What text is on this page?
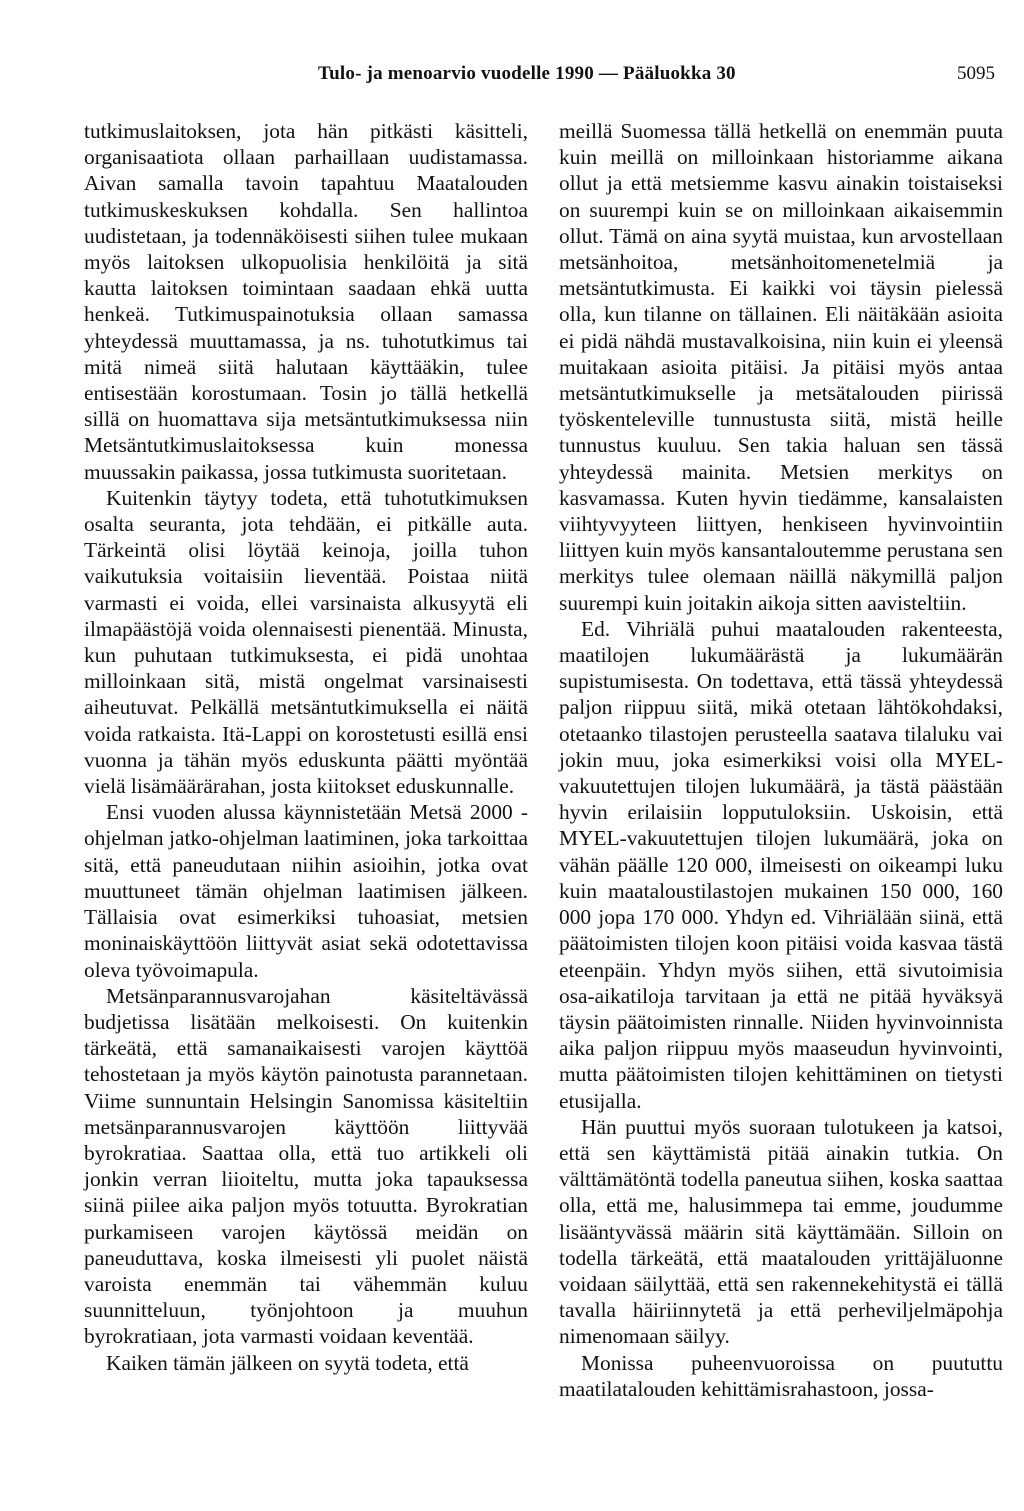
Tulo- ja menoarvio vuodelle 1990 — Pääluokka 30	5095

tutkimuslaitoksen, jota hän pitkästi käsitteli, organisaatiota ollaan parhaillaan uudistamassa. Aivan samalla tavoin tapahtuu Maatalouden tutkimuskeskuksen kohdalla. Sen hallintoa uudistetaan, ja todennäköisesti siihen tulee mukaan myös laitoksen ulkopuolisia henkilöitä ja sitä kautta laitoksen toimintaan saadaan ehkä uutta henkeä. Tutkimuspainotuksia ollaan samassa yhteydessä muuttamassa, ja ns. tuhotutkimus tai mitä nimeä siitä halutaan käyttääkin, tulee entisestään korostumaan. Tosin jo tällä hetkellä sillä on huomattava sija metsäntutkimuksessa niin Metsäntutkimuslaitoksessa kuin monessa muussakin paikassa, jossa tutkimusta suoritetaan.

Kuitenkin täytyy todeta, että tuhotutkimuksen osalta seuranta, jota tehdään, ei pitkälle auta. Tärkeintä olisi löytää keinoja, joilla tuhon vaikutuksia voitaisiin lieventää. Poistaa niitä varmasti ei voida, ellei varsinaista alkusyytä eli ilmapäästöjä voida olennaisesti pienentää. Minusta, kun puhutaan tutkimuksesta, ei pidä unohtaa milloinkaan sitä, mistä ongelmat varsinaisesti aiheutuvat. Pelkällä metsäntutkimuksella ei näitä voida ratkaista. Itä-Lappi on korostetusti esillä ensi vuonna ja tähän myös eduskunta päätti myöntää vielä lisämäärärahan, josta kiitokset eduskunnalle.

Ensi vuoden alussa käynnistetään Metsä 2000 -ohjelman jatko-ohjelman laatiminen, joka tarkoittaa sitä, että paneudutaan niihin asioihin, jotka ovat muuttuneet tämän ohjelman laatimisen jälkeen. Tällaisia ovat esimerkiksi tuhoasiat, metsien moninaiskäyttöön liittyvät asiat sekä odotettavissa oleva työvoimapula.

Metsänparannusvarojahan käsiteltävässä budjetissa lisätään melkoisesti. On kuitenkin tärkeätä, että samanaikaisesti varojen käyttöä tehostetaan ja myös käytön painotusta parannetaan. Viime sunnuntain Helsingin Sanomissa käsiteltiin metsänparannusvarojen käyttöön liittyvää byrokratiaa. Saattaa olla, että tuo artikkeli oli jonkin verran liioiteltu, mutta joka tapauksessa siinä piilee aika paljon myös totuutta. Byrokratian purkamiseen varojen käytössä meidän on paneuduttava, koska ilmeisesti yli puolet näistä varoista enemmän tai vähemmän kuluu suunnitteluun, työnjohtoon ja muuhun byrokratiaan, jota varmasti voidaan keventää.

Kaiken tämän jälkeen on syytä todeta, että

meillä Suomessa tällä hetkellä on enemmän puuta kuin meillä on milloinkaan historiamme aikana ollut ja että metsiemme kasvu ainakin toistaiseksi on suurempi kuin se on milloinkaan aikaisemmin ollut. Tämä on aina syytä muistaa, kun arvostellaan metsänhoitoa, metsänhoitomenetelmiä ja metsäntutkimusta. Ei kaikki voi täysin pielessä olla, kun tilanne on tällainen. Eli näitäkään asioita ei pidä nähdä mustavalkoisina, niin kuin ei yleensä muitakaan asioita pitäisi. Ja pitäisi myös antaa metsäntutkimukselle ja metsätalouden piirissä työskenteleville tunnustusta siitä, mistä heille tunnustus kuuluu. Sen takia haluan sen tässä yhteydessä mainita. Metsien merkitys on kasvamassa. Kuten hyvin tiedämme, kansalaisten viihtyvyyteen liittyen, henkiseen hyvinvointiin liittyen kuin myös kansantaloutemme perustana sen merkitys tulee olemaan näillä näkymillä paljon suurempi kuin joitakin aikoja sitten aavisteltiin.

Ed. Vihriälä puhui maatalouden rakenteesta, maatilojen lukumäärästä ja lukumäärän supistumisesta. On todettava, että tässä yhteydessä paljon riippuu siitä, mikä otetaan lähtökohdaksi, otetaanko tilastojen perusteella saatava tilaluku vai jokin muu, joka esimerkiksi voisi olla MYEL-vakuutettujen tilojen lukumäärä, ja tästä päästään hyvin erilaisiin lopputuloksiin. Uskoisin, että MYEL-vakuutettujen tilojen lukumäärä, joka on vähän päälle 120 000, ilmeisesti on oikeampi luku kuin maataloustilastojen mukainen 150 000, 160 000 jopa 170 000. Yhdyn ed. Vihriälään siinä, että päätoimisten tilojen koon pitäisi voida kasvaa tästä eteenpäin. Yhdyn myös siihen, että sivutoimisia osa-aikatiloja tarvitaan ja että ne pitää hyväksyä täysin päätoimisten rinnalle. Niiden hyvinvoinnista aika paljon riippuu myös maaseudun hyvinvointi, mutta päätoimisten tilojen kehittäminen on tietysti etusijalla.

Hän puuttui myös suoraan tulotukeen ja katsoi, että sen käyttämistä pitää ainakin tutkia. On välttämätöntä todella paneutua siihen, koska saattaa olla, että me, halusimmepa tai emme, joudumme lisääntyvässä määrin sitä käyttämään. Silloin on todella tärkeätä, että maatalouden yrittäjäluonne voidaan säilyttää, että sen rakennekehitystä ei tällä tavalla häiriinnytetä ja että perheviljelmäpohja nimenomaan säilyy.

Monissa puheenvuoroissa on puututtu maatilatalouden kehittämisrahastoon, jossa-
